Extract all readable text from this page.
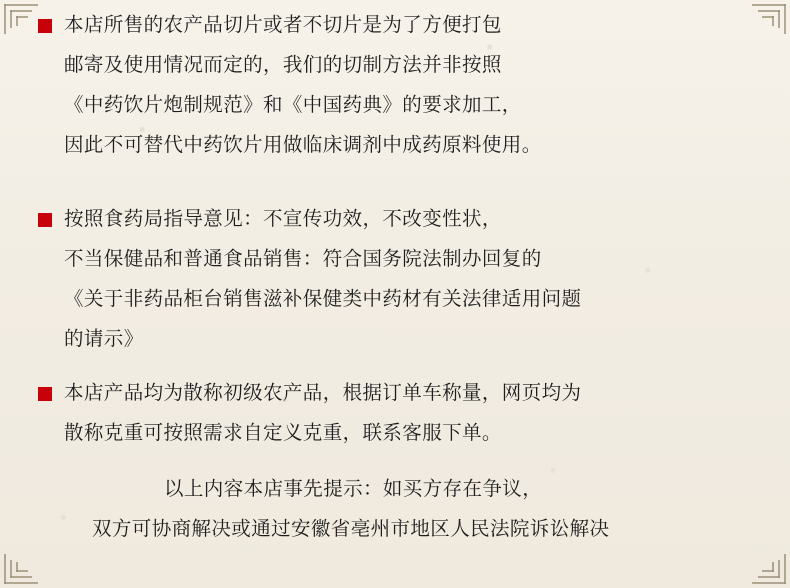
本店所售的农产品切片或者不切片是为了方便打包
邮寄及使用情况而定的，我们的切制方法并非按照
《中药饮片炮制规范》和《中国药典》的要求加工，
因此不可替代中药饮片用做临床调剂中成药原料使用。
按照食药局指导意见：不宣传功效，不改变性状，
不当保健品和普通食品销售：符合国务院法制办回复的
《关于非药品柜台销售滋补保健类中药材有关法律适用问题
的请示》
本店产品均为散称初级农产品，根据订单车称量，网页均为
散称克重可按照需求自定义克重，联系客服下单。
以上内容本店事先提示：如买方存在争议，
双方可协商解决或通过安徽省亳州市地区人民法院诉讼解决
